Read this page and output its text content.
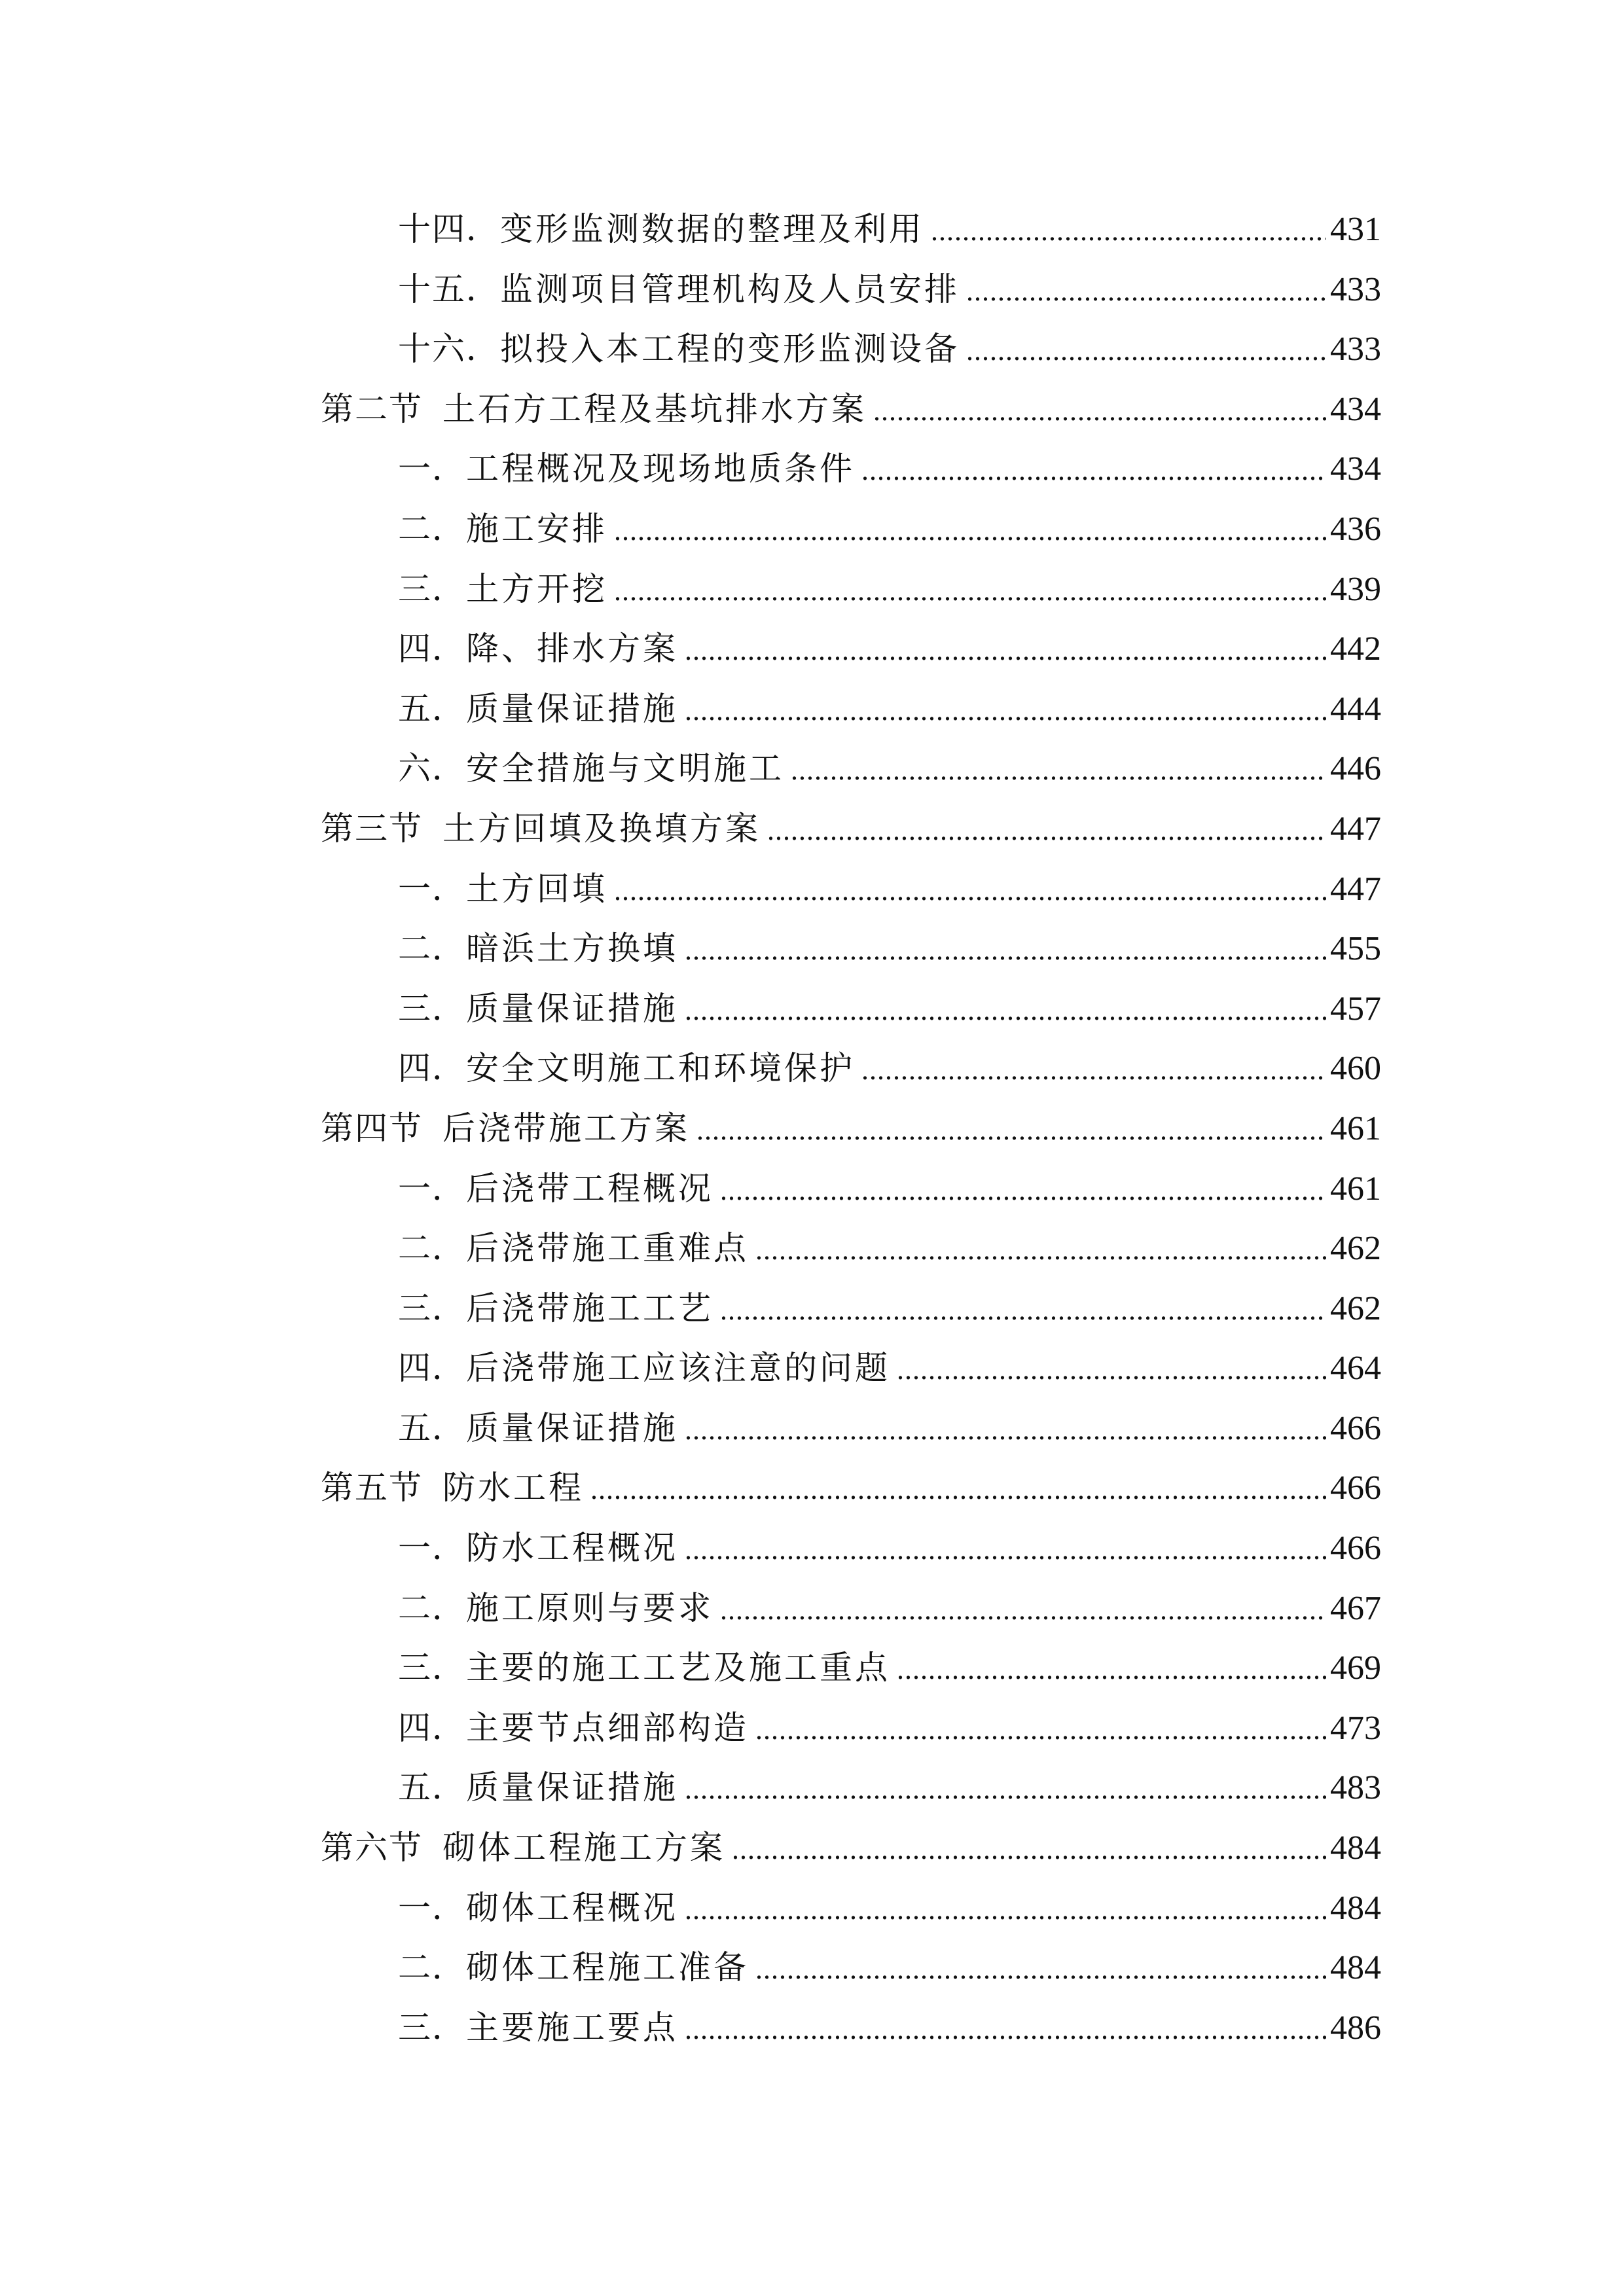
十四． 变形监测数据的整理及利用 .....	431
十五． 监测项目管理机构及人员安排 .....	433
十六． 拟投入本工程的变形监测设备 .....	433
第二节 土石方工程及基坑排水方案 .....	434
一． 工程概况及现场地质条件 .....	434
二． 施工安排 .....	436
三． 土方开挖 .....	439
四． 降、排水方案 .....	442
五． 质量保证措施 .....	444
六． 安全措施与文明施工 .....	446
第三节 土方回填及换填方案 .....	447
一． 土方回填 .....	447
二． 暗浜土方换填 .....	455
三． 质量保证措施 .....	457
四． 安全文明施工和环境保护 .....	460
第四节 后浇带施工方案 .....	461
一． 后浇带工程概况 .....	461
二． 后浇带施工重难点 .....	462
三． 后浇带施工工艺 .....	462
四． 后浇带施工应该注意的问题 .....	464
五． 质量保证措施 .....	466
第五节 防水工程 .....	466
一． 防水工程概况 .....	466
二． 施工原则与要求 .....	467
三． 主要的施工工艺及施工重点 .....	469
四． 主要节点细部构造 .....	473
五． 质量保证措施 .....	483
第六节 砌体工程施工方案 .....	484
一． 砌体工程概况 .....	484
二． 砌体工程施工准备 .....	484
三． 主要施工要点 .....	486
